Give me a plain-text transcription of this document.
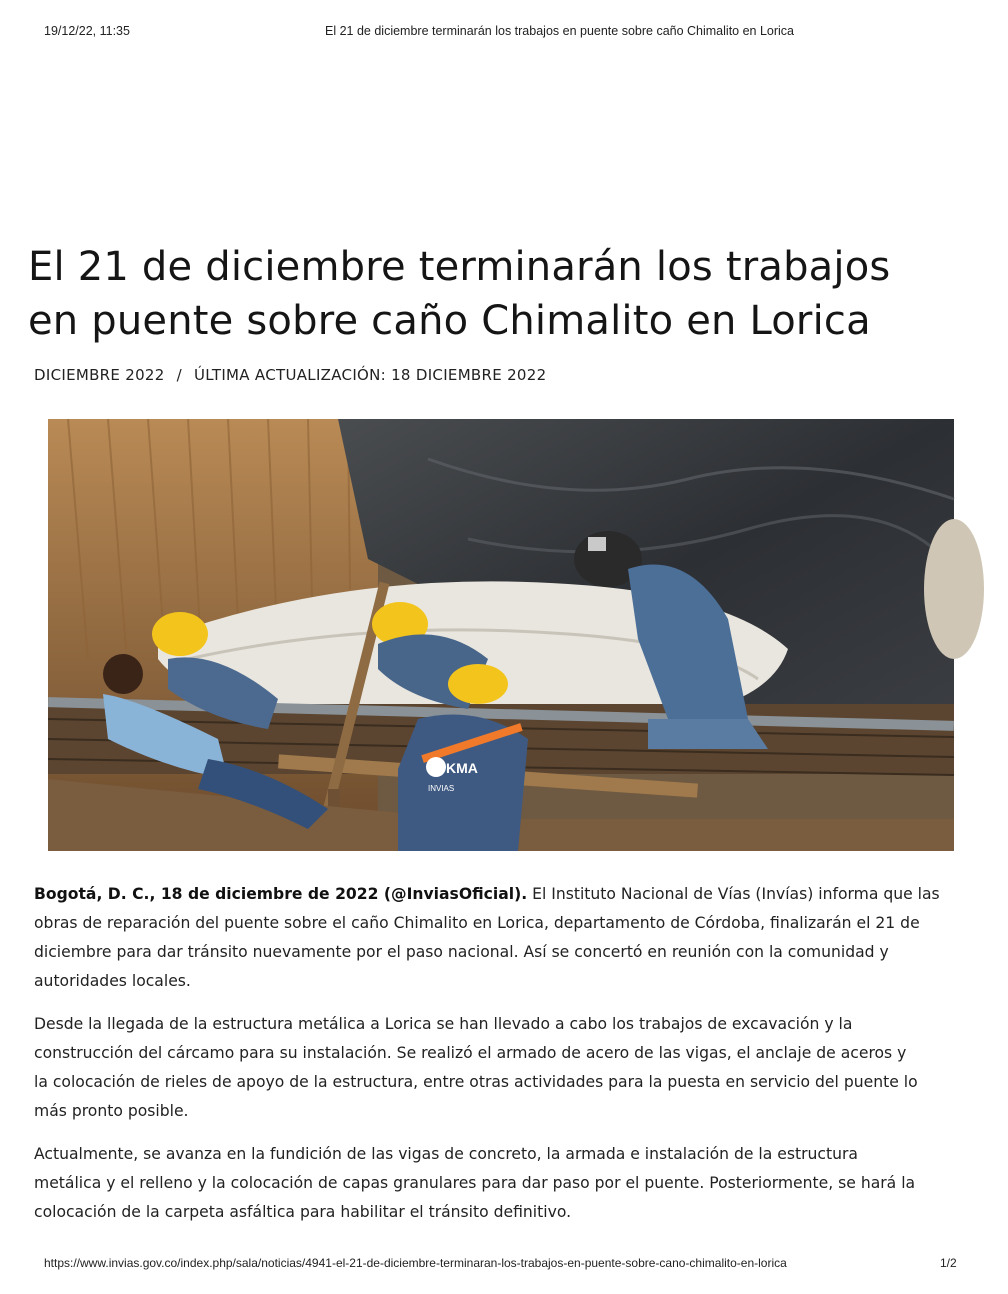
19/12/22, 11:35	El 21 de diciembre terminarán los trabajos en puente sobre caño Chimalito en Lorica
El 21 de diciembre terminarán los trabajos
en puente sobre caño Chimalito en Lorica
DICIEMBRE 2022 / ÚLTIMA ACTUALIZACIÓN: 18 DICIEMBRE 2022
KMA
INVIAS

Bogotá, D. C., 18 de diciembre de 2022 (@InviasOficial). El Instituto Nacional de Vías (Invías) informa que las
obras de reparación del puente sobre el caño Chimalito en Lorica, departamento de Córdoba, finalizarán el 21 de
diciembre para dar tránsito nuevamente por el paso nacional. Así se concertó en reunión con la comunidad y
autoridades locales.

Desde la llegada de la estructura metálica a Lorica se han llevado a cabo los trabajos de excavación y la
construcción del cárcamo para su instalación. Se realizó el armado de acero de las vigas, el anclaje de aceros y
la colocación de rieles de apoyo de la estructura, entre otras actividades para la puesta en servicio del puente lo
más pronto posible.

Actualmente, se avanza en la fundición de las vigas de concreto, la armada e instalación de la estructura
metálica y el relleno y la colocación de capas granulares para dar paso por el puente. Posteriormente, se hará la
colocación de la carpeta asfáltica para habilitar el tránsito definitivo.

https://www.invias.gov.co/index.php/sala/noticias/4941-el-21-de-diciembre-terminaran-los-trabajos-en-puente-sobre-cano-chimalito-en-lorica	1/2
